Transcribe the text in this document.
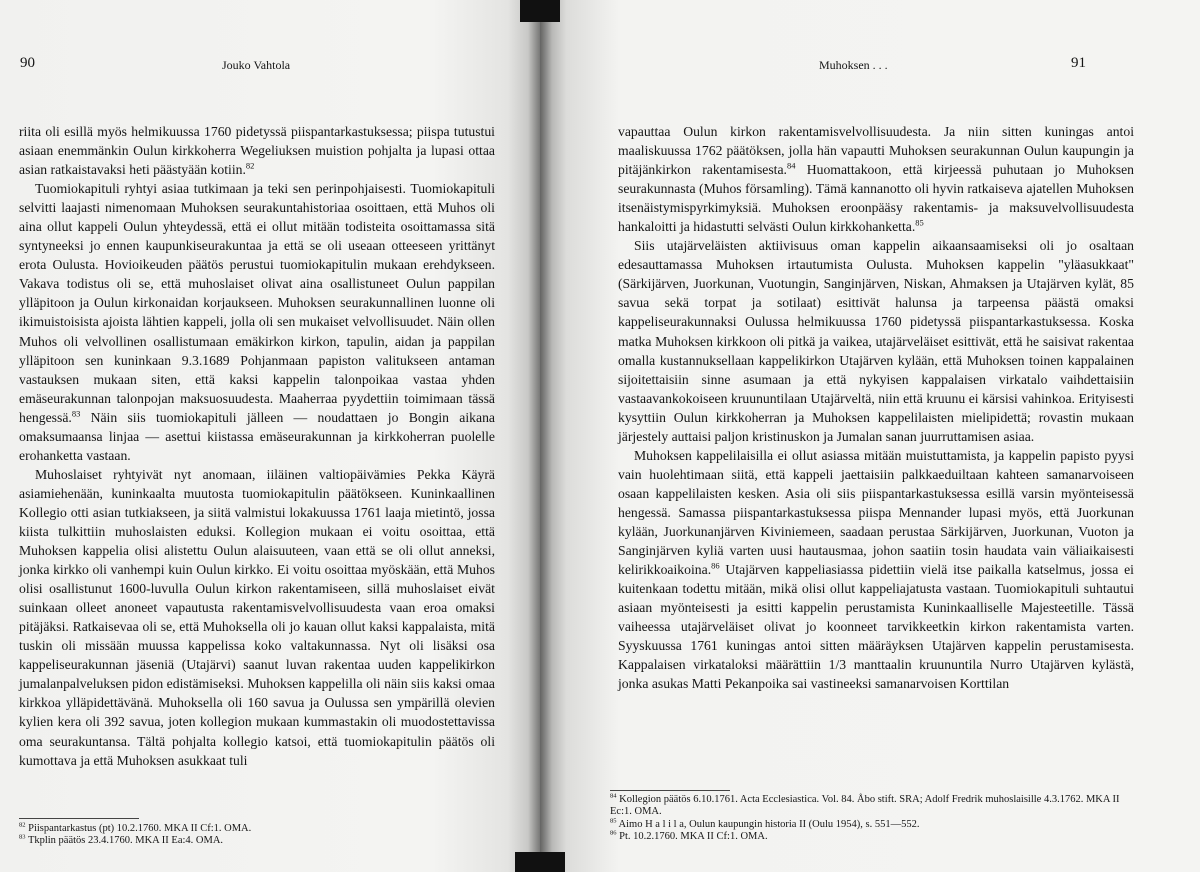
90	Jouko Vahtola

riita oli esillä myös helmikuussa 1760 pidetyssä piispantarkastuksessa; piispa tutustui asiaan enemmänkin Oulun kirkkoherra Wegeliuksen muistion pohjalta ja lupasi ottaa asian ratkaistavaksi heti päästyään kotiin.$^{82}$

Tuomiokapituli ryhtyi asiaa tutkimaan ja teki sen perinpohjaisesti. Tuomiokapituli selvitti laajasti nimenomaan Muhoksen seurakuntahistoriaa osoittaen, että Muhos oli aina ollut kappeli Oulun yhteydessä, että ei ollut mitään todisteita osoittamassa sitä syntyneeksi jo ennen kaupunkiseurakuntaa ja että se oli useaan otteeseen yrittänyt erota Oulusta. Hovioikeuden päätös perustui tuomiokapitulin mukaan erehdykseen. Vakava todistus oli se, että muhoslaiset olivat aina osallistuneet Oulun pappilan ylläpitoon ja Oulun kirkonaidan korjaukseen. Muhoksen seurakunnallinen luonne oli ikimuistoisista ajoista lähtien kappeli, jolla oli sen mukaiset velvollisuudet. Näin ollen Muhos oli velvollinen osallistumaan emäkirkon kirkon, tapulin, aidan ja pappilan ylläpitoon sen kuninkaan 9.3.1689 Pohjanmaan papiston valitukseen antaman vastauksen mukaan siten, että kaksi kappelin talonpoikaa vastaa yhden emäseurakunnan talonpojan maksuosuudesta. Maaherraa pyydettiin toimimaan tässä hengessä.$^{83}$ Näin siis tuomiokapituli jälleen — noudattaen jo Bongin aikana omaksumaansa linjaa — asettui kiistassa emäseurakunnan ja kirkkoherran puolelle erohanketta vastaan.

Muhoslaiset ryhtyivät nyt anomaan, iiläinen valtiopäivämies Pekka Käyrä asiamiehenään, kuninkaalta muutosta tuomiokapitulin päätökseen. Kuninkaallinen Kollegio otti asian tutkiakseen, ja siitä valmistui lokakuussa 1761 laaja mietintö, jossa kiista tulkittiin muhoslaisten eduksi. Kollegion mukaan ei voitu osoittaa, että Muhoksen kappelia olisi alistettu Oulun alaisuuteen, vaan että se oli ollut anneksi, jonka kirkko oli vanhempi kuin Oulun kirkko. Ei voitu osoittaa myöskään, että Muhos olisi osallistunut 1600-luvulla Oulun kirkon rakentamiseen, sillä muhoslaiset eivät suinkaan olleet anoneet vapautusta rakentamisvelvollisuudesta vaan eroa omaksi pitäjäksi. Ratkaisevaa oli se, että Muhoksella oli jo kauan ollut kaksi kappalaista, mitä tuskin oli missään muussa kappelissa koko valtakunnassa. Nyt oli lisäksi osa kappeliseurakunnan jäseniä (Utajärvi) saanut luvan rakentaa uuden kappelikirkon jumalanpalveluksen pidon edistämiseksi. Muhoksen kappelilla oli näin siis kaksi omaa kirkkoa ylläpidettävänä. Muhoksella oli 160 savua ja Oulussa sen ympärillä olevien kylien kera oli 392 savua, joten kollegion mukaan kummastakin oli muodostettavissa oma seurakuntansa. Tältä pohjalta kollegio katsoi, että tuomiokapitulin päätös oli kumottava ja että Muhoksen asukkaat tuli

$^{82}$ Piispantarkastus (pt) 10.2.1760. MKA II Cf:1. OMA.
$^{83}$ Tkplin päätös 23.4.1760. MKA II Ea:4. OMA.
Muhoksen . . .	91

vapauttaa Oulun kirkon rakentamisvelvollisuudesta. Ja niin sitten kuningas antoi maaliskuussa 1762 päätöksen, jolla hän vapautti Muhoksen seurakunnan Oulun kaupungin ja pitäjänkirkon rakentamisesta.$^{84}$ Huomattakoon, että kirjeessä puhutaan jo Muhoksen seurakunnasta (Muhos församling). Tämä kannanotto oli hyvin ratkaiseva ajatellen Muhoksen itsenäistymispyrkimyksiä. Muhoksen eroonpääsy rakentamis- ja maksuvelvollisuudesta hankaloitti ja hidastutti selvästi Oulun kirkkohanketta.$^{85}$

Siis utajärveläisten aktiivisuus oman kappelin aikaansaamiseksi oli jo osaltaan edesauttamassa Muhoksen irtautumista Oulusta. Muhoksen kappelin "yläasukkaat" (Särkijärven, Juorkunan, Vuotungin, Sanginjärven, Niskan, Ahmaksen ja Utajärven kylät, 85 savua sekä torpat ja sotilaat) esittivät halunsa ja tarpeensa päästä omaksi kappeliseurakunnaksi Oulussa helmikuussa 1760 pidetyssä piispantarkastuksessa. Koska matka Muhoksen kirkkoon oli pitkä ja vaikea, utajärveläiset esittivät, että he saisivat rakentaa omalla kustannuksellaan kappelikirkon Utajärven kylään, että Muhoksen toinen kappalainen sijoitettaisiin sinne asumaan ja että nykyisen kappalaisen virkatalo vaihdettaisiin vastaavankokoiseen kruununtilaan Utajärveltä, niin että kruunu ei kärsisi vahinkoa. Erityisesti kysyttiin Oulun kirkkoherran ja Muhoksen kappelilaisten mielipidettä; rovastin mukaan järjestely auttaisi paljon kristinuskon ja Jumalan sanan juurruttamisen asiaa.

Muhoksen kappelilaisilla ei ollut asiassa mitään muistuttamista, ja kappelin papisto pyysi vain huolehtimaan siitä, että kappeli jaettaisiin palkkaeduiltaan kahteen samanarvoiseen osaan kappelilaisten kesken. Asia oli siis piispantarkastuksessa esillä varsin myönteisessä hengessä. Samassa piispantarkastuksessa piispa Mennander lupasi myös, että Juorkunan kylään, Juorkunanjärven Kiviniemeen, saadaan perustaa Särkijärven, Juorkunan, Vuoton ja Sanginjärven kyliä varten uusi hautausmaa, johon saatiin tosin haudata vain väliaikaisesti kelirikkoaikoina.$^{86}$ Utajärven kappeliasiassa pidettiin vielä itse paikalla katselmus, jossa ei kuitenkaan todettu mitään, mikä olisi ollut kappeliajatusta vastaan. Tuomiokapituli suhtautui asiaan myönteisesti ja esitti kappelin perustamista Kuninkaalliselle Majesteetille. Tässä vaiheessa utajärveläiset olivat jo koonneet tarvikkeetkin kirkon rakentamista varten. Syyskuussa 1761 kuningas antoi sitten määräyksen Utajärven kappelin perustamisesta. Kappalaisen virkataloksi määrättiin 1/3 manttaalin kruununtila Nurro Utajärven kylästä, jonka asukas Matti Pekanpoika sai vastineeksi samanarvoisen Korttilan

$^{84}$ Kollegion päätös 6.10.1761. Acta Ecclesiastica. Vol. 84. Åbo stift. SRA; Adolf Fredrik muhoslaisille 4.3.1762. MKA II Ec:1. OMA.
$^{85}$ Aimo H a l i l a, Oulun kaupungin historia II (Oulu 1954), s. 551—552.
$^{86}$ Pt. 10.2.1760. MKA II Cf:1. OMA.
